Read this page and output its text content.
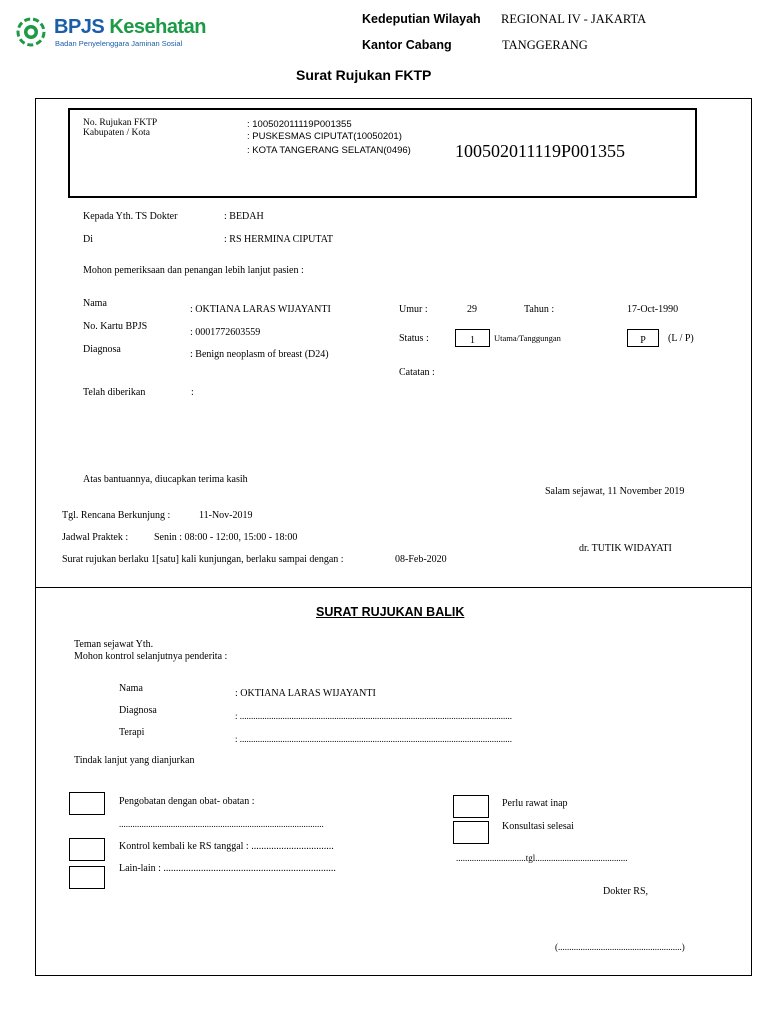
BPJS Kesehatan
Badan Penyelenggara Jaminan Sosial
Kedeputian Wilayah REGIONAL IV - JAKARTA
Kantor Cabang	TANGGERANG
Surat Rujukan FKTP
No. Rujukan FKTP
Kabupaten / Kota
: 100502011119P001355
: PUSKESMAS CIPUTAT(10050201)
: KOTA TANGERANG SELATAN(0496) 100502011119P001355
Kepada Yth. TS Dokter	: BEDAH
Di	: RS HERMINA CIPUTAT
Mohon pemeriksaan dan penangan lebih lanjut pasien :
Nama
: OKTIANA LARAS WIJAYANTI
No. Kartu BPJS
: 0001772603559
Diagnosa	: Benign neoplasm of breast (D24)
Umur :	29	Tahun :	17-Oct-1990
Status :	1	Utama/Tanggungan	P	(L / P)
Catatan :
Telah diberikan	:
Atas bantuannya, diucapkan terima kasih
Salam sejawat, 11 November 2019
Tgl. Rencana Berkunjung :	11-Nov-2019
Jadwal Praktek :	Senin : 08:00 - 12:00, 15:00 - 18:00
Surat rujukan berlaku 1[satu] kali kunjungan, berlaku sampai dengan :	08-Feb-2020
dr. TUTIK WIDAYATI
SURAT RUJUKAN BALIK
Teman sejawat Yth.
Mohon kontrol selanjutnya penderita :
Nama	: OKTIANA LARAS WIJAYANTI
Diagnosa	: .........................................................................................................................
Terapi
: .........................................................................................................................
Tindak lanjut yang dianjurkan
Pengobatan dengan obat- obatan :
...........................................................................................
Kontrol kembali ke RS tanggal : .................................
Lain-lain : .....................................................................
Perlu rawat inap
Konsultasi selesai
...............................tgl.........................................
Dokter RS,
(.......................................................)
